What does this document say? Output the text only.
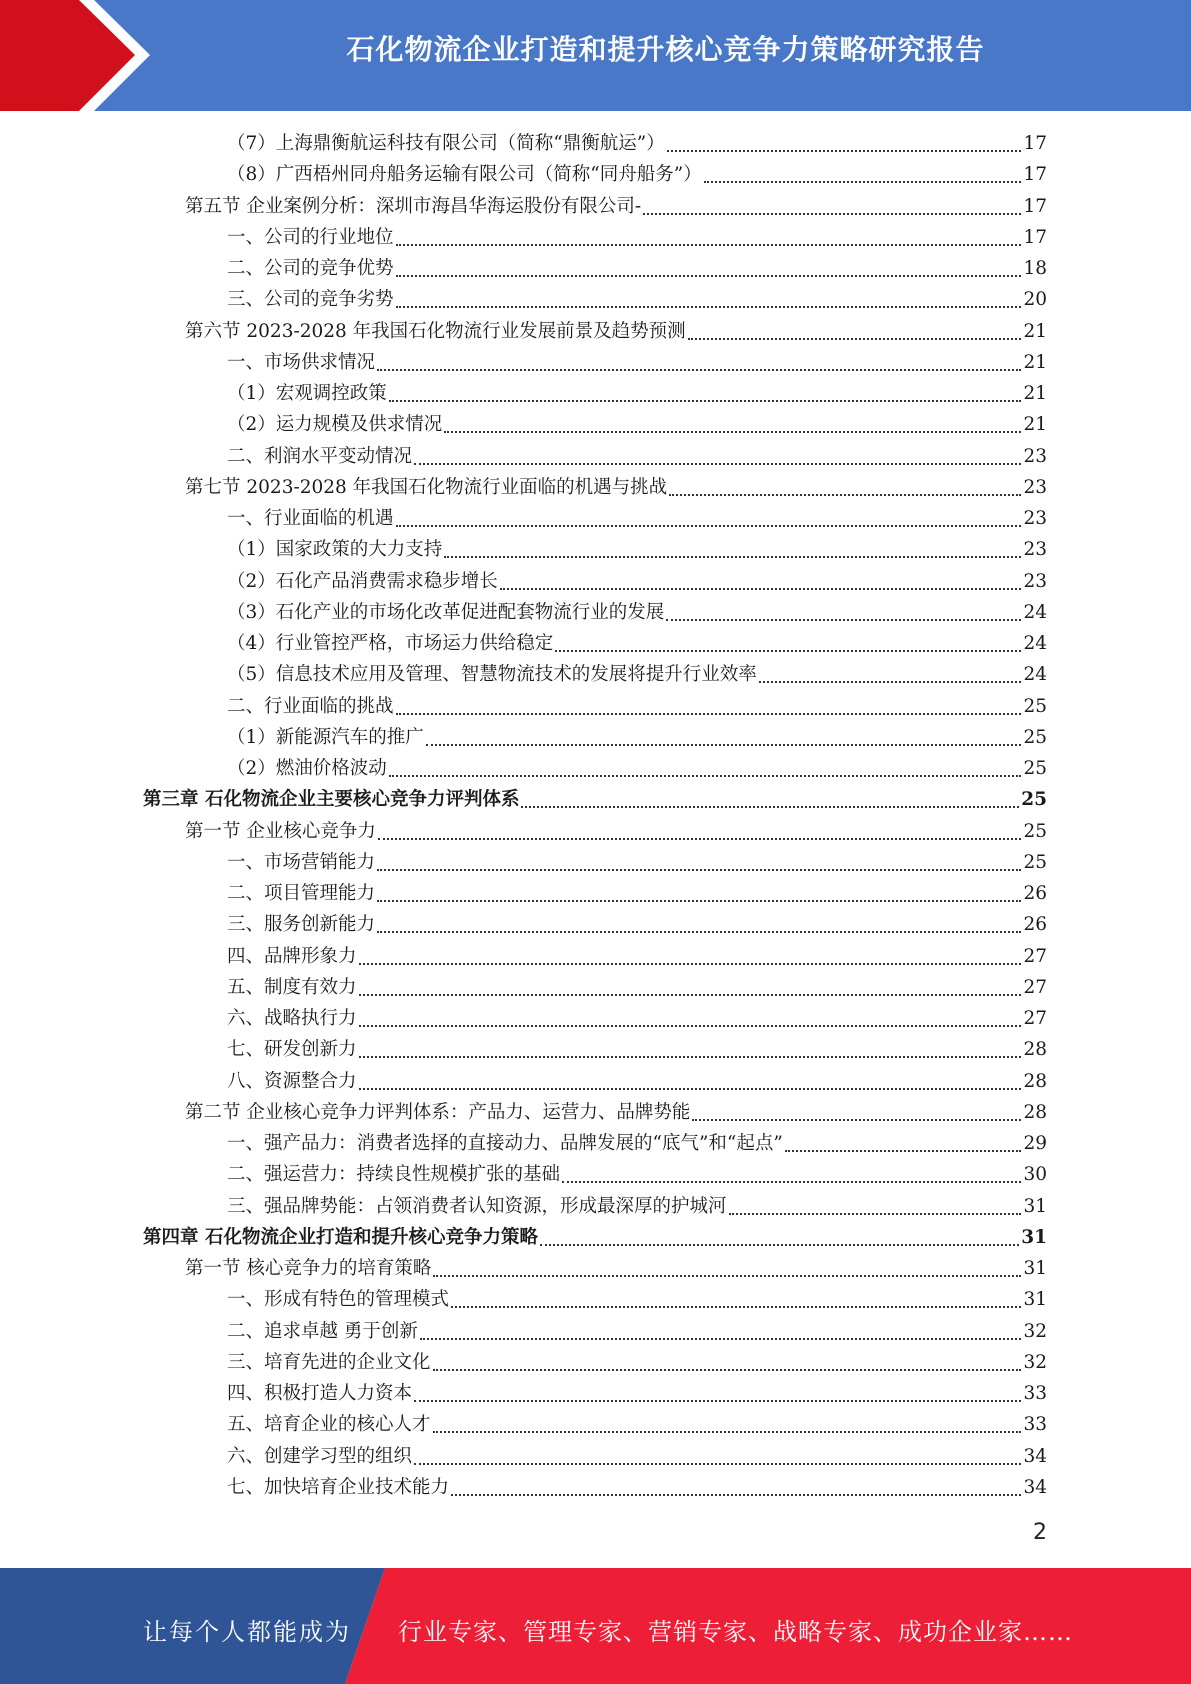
石化物流企业打造和提升核心竞争力策略研究报告
（7）上海鼎衡航运科技有限公司（简称“鼎衡航运”）	17
（8）广西梧州同舟船务运输有限公司（简称“同舟船务”）	17
第五节 企业案例分析：深圳市海昌华海运股份有限公司-	17
一、公司的行业地位	17
二、公司的竞争优势	18
三、公司的竞争劣势	20
第六节 2023-2028 年我国石化物流行业发展前景及趋势预测	21
一、市场供求情况	21
（1）宏观调控政策	21
（2）运力规模及供求情况	21
二、利润水平变动情况	23
第七节 2023-2028 年我国石化物流行业面临的机遇与挑战	23
一、行业面临的机遇	23
（1）国家政策的大力支持	23
（2）石化产品消费需求稳步增长	23
（3）石化产业的市场化改革促进配套物流行业的发展	24
（4）行业管控严格，市场运力供给稳定	24
（5）信息技术应用及管理、智慧物流技术的发展将提升行业效率	24
二、行业面临的挑战	25
（1）新能源汽车的推广	25
（2）燃油价格波动	25
第三章 石化物流企业主要核心竞争力评判体系	25
第一节 企业核心竞争力	25
一、市场营销能力	25
二、项目管理能力	26
三、服务创新能力	26
四、品牌形象力	27
五、制度有效力	27
六、战略执行力	27
七、研发创新力	28
八、资源整合力	28
第二节 企业核心竞争力评判体系：产品力、运营力、品牌势能	28
一、强产品力：消费者选择的直接动力、品牌发展的“底气”和“起点”	29
二、强运营力：持续良性规模扩张的基础	30
三、强品牌势能：占领消费者认知资源，形成最深厚的护城河	31
第四章 石化物流企业打造和提升核心竞争力策略	31
第一节 核心竞争力的培育策略	31
一、形成有特色的管理模式	31
二、追求卓越 勇于创新	32
三、培育先进的企业文化	32
四、积极打造人力资本	33
五、培育企业的核心人才	33
六、创建学习型的组织	34
七、加快培育企业技术能力	34
2
让每个人都能成为 行业专家、管理专家、营销专家、战略专家、成功企业家……
